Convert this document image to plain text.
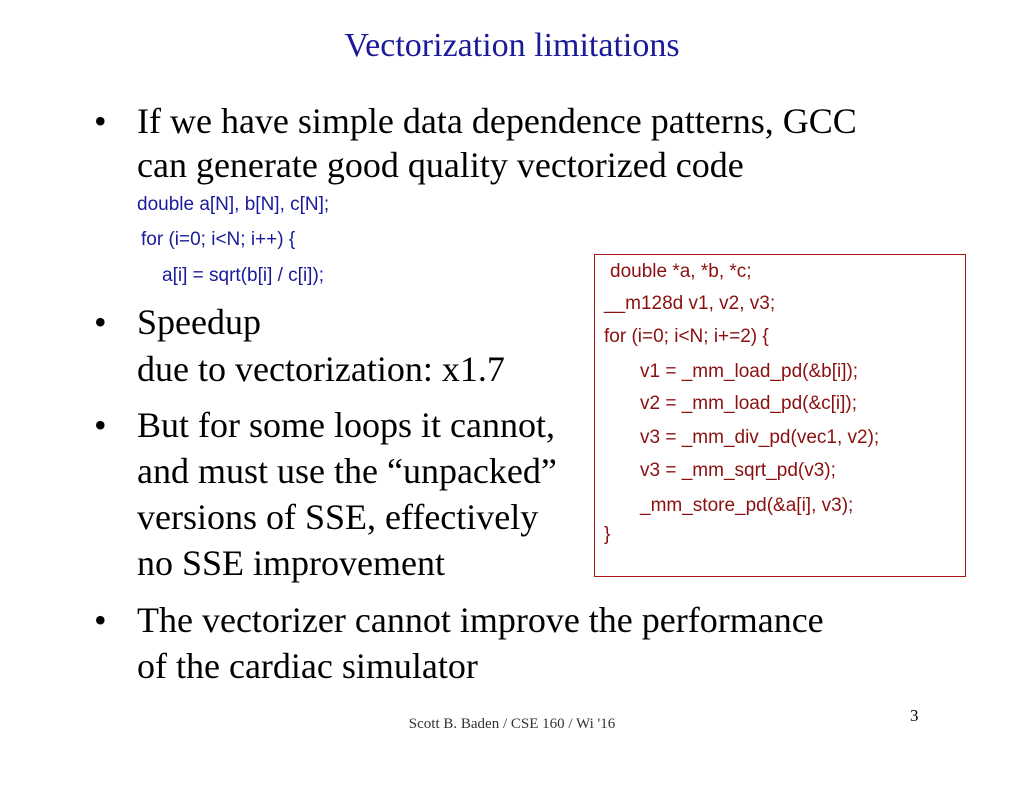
Vectorization limitations
• If we have simple data dependence patterns, GCC
can generate good quality vectorized code
double a[N], b[N], c[N];
for (i=0; i<N; i++) {
a[i] = sqrt(b[i] / c[i]);
• Speedup
due to vectorization: x1.7
• But for some loops it cannot,
and must use the “unpacked”
versions of SSE, effectively
no SSE improvement
• The vectorizer cannot improve the performance
of the cardiac simulator
double *a, *b, *c;
__m128d v1, v2, v3;
for (i=0; i<N; i+=2) {
v1 = _mm_load_pd(&b[i]);
v2 = _mm_load_pd(&c[i]);
v3 = _mm_div_pd(vec1, v2);
v3 = _mm_sqrt_pd(v3);
_mm_store_pd(&a[i], v3);
}
Scott B. Baden / CSE 160 / Wi '16	3
